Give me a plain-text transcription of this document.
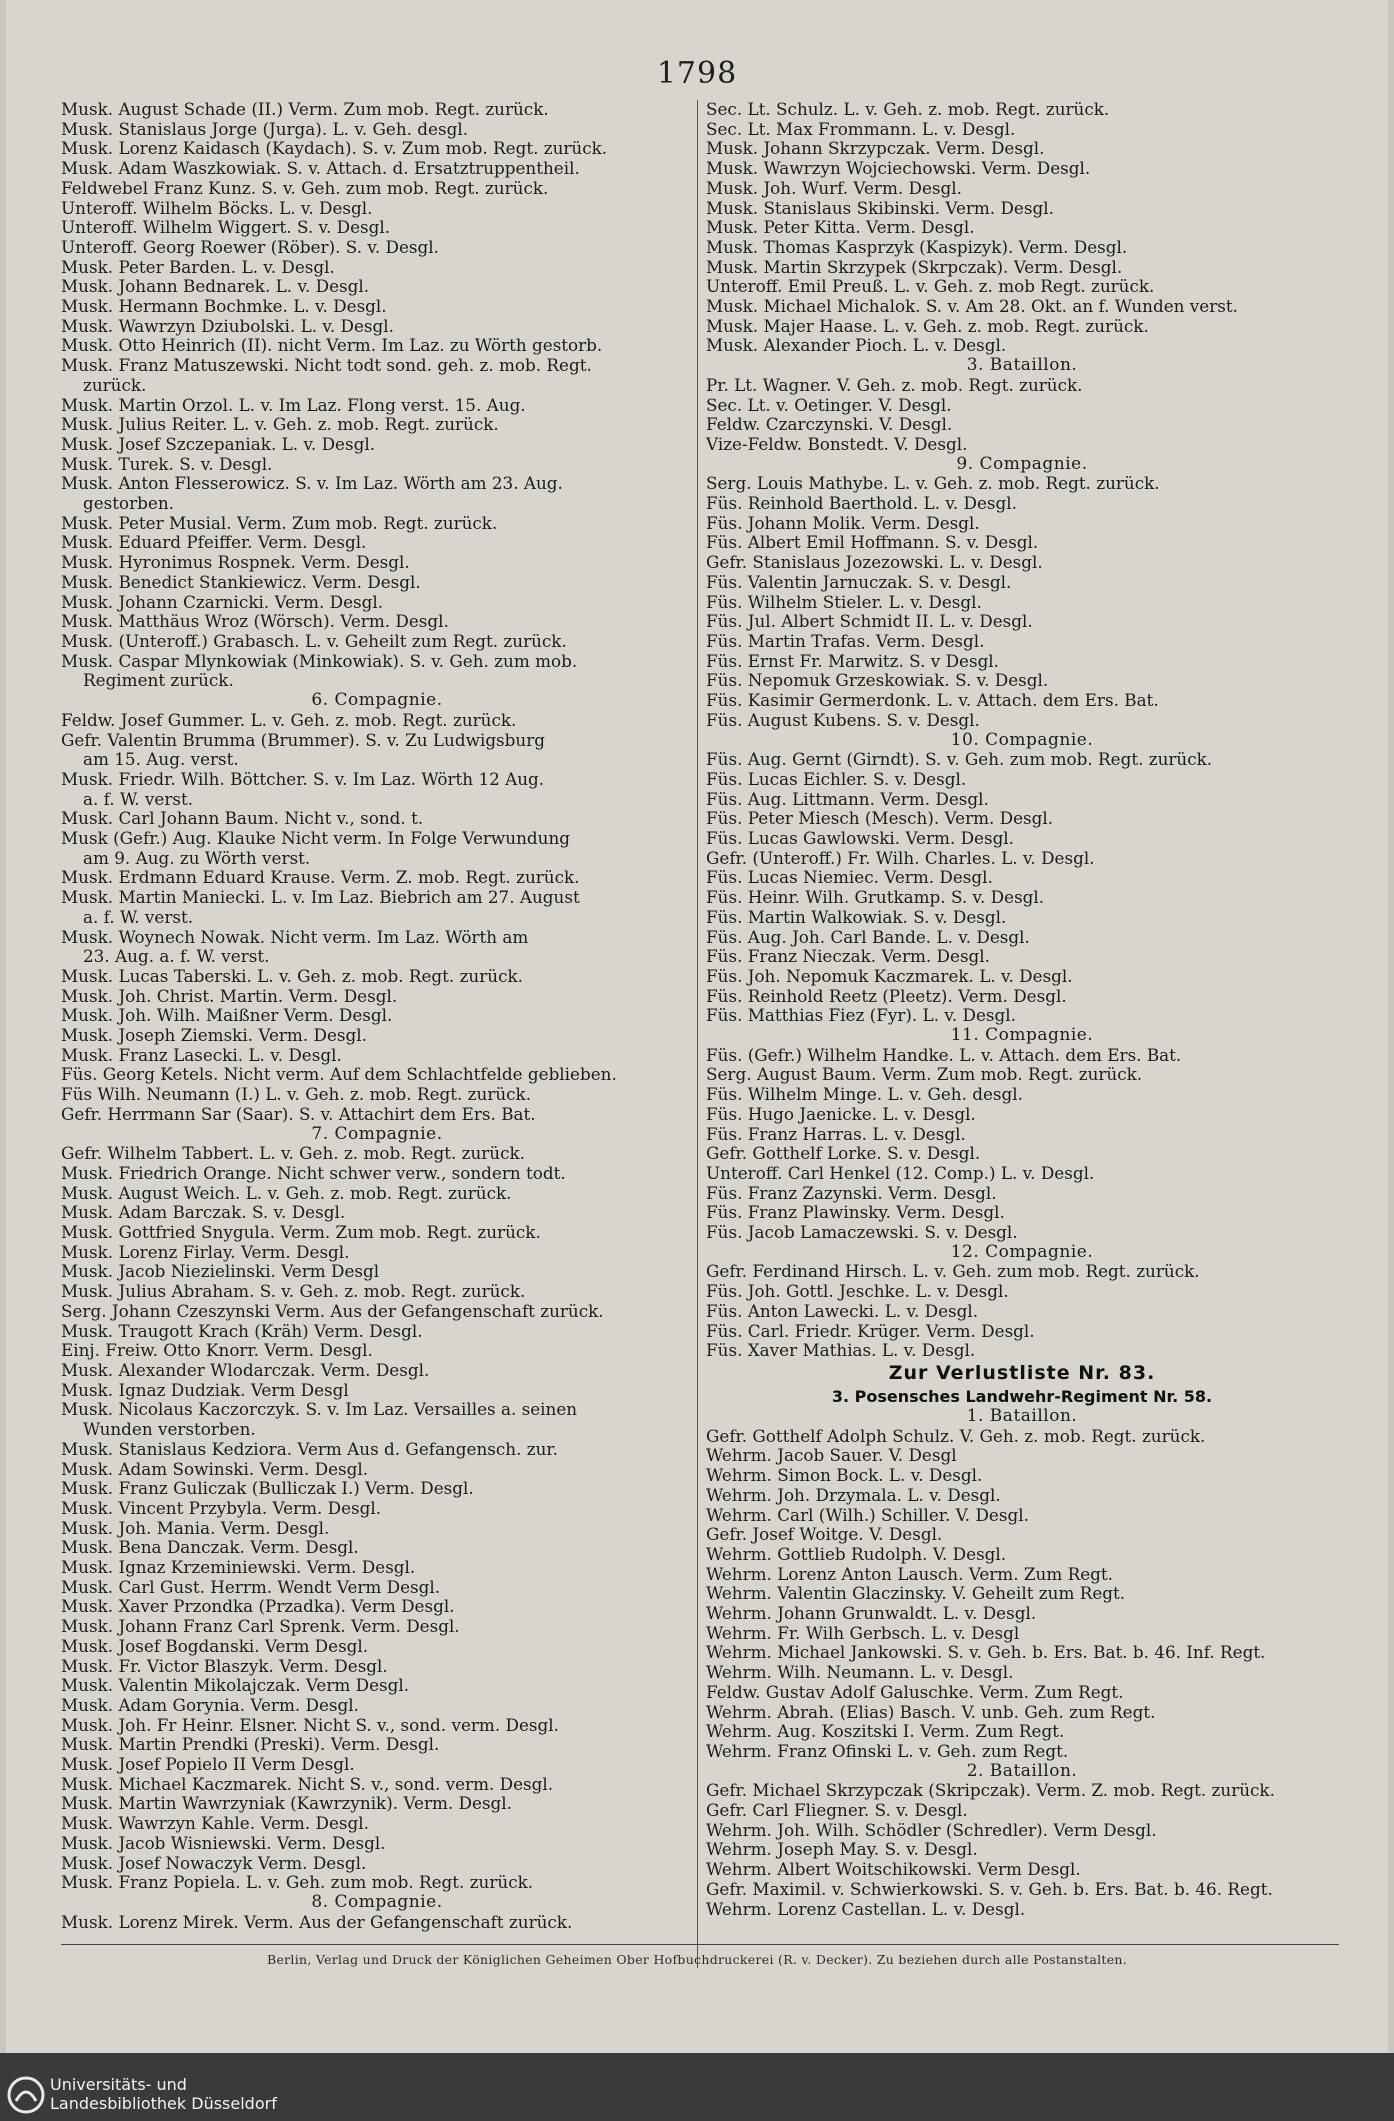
1798
Musk. August Schade (II.) Verm. Zum mob. Regt. zurück.
Musk. Stanislaus Jorge (Jurga). L. v. Geh. desgl.
Musk. Lorenz Kaidasch (Kaydach). S. v. Zum mob. Regt. zurück.
Musk. Adam Waszkowiak. S. v. Attach. d. Ersatztruppentheil.
Feldwebel Franz Kunz. S. v. Geh. zum mob. Regt. zurück.
Unteroff. Wilhelm Böcks. L. v. Desgl.
Unteroff. Wilhelm Wiggert. S. v. Desgl.
Unteroff. Georg Roewer (Röber). S. v. Desgl.
Musk. Peter Barden. L. v. Desgl.
Musk. Johann Bednarek. L. v. Desgl.
Musk. Hermann Bochmke. L. v. Desgl.
Musk. Wawrzyn Dziubolski. L. v. Desgl.
Musk. Otto Heinrich (II). nicht Verm. Im Laz. zu Wörth gestorb.
Musk. Franz Matuszewski. Nicht todt sond. geh. z. mob. Regt.
zurück.
Musk. Martin Orzol. L. v. Im Laz. Flong verst. 15. Aug.
Musk. Julius Reiter. L. v. Geh. z. mob. Regt. zurück.
Musk. Josef Szczepaniak. L. v. Desgl.
Musk. Turek. S. v. Desgl.
Musk. Anton Flesserowicz. S. v. Im Laz. Wörth am 23. Aug.
gestorben.
Musk. Peter Musial. Verm. Zum mob. Regt. zurück.
Musk. Eduard Pfeiffer. Verm. Desgl.
Musk. Hyronimus Rospnek. Verm. Desgl.
Musk. Benedict Stankiewicz. Verm. Desgl.
Musk. Johann Czarnicki. Verm. Desgl.
Musk. Matthäus Wroz (Wörsch). Verm. Desgl.
Musk. (Unteroff.) Grabasch. L. v. Geheilt zum Regt. zurück.
Musk. Caspar Mlynkowiak (Minkowiak). S. v. Geh. zum mob.
Regiment zurück.
6. Compagnie.
Feldw. Josef Gummer. L. v. Geh. z. mob. Regt. zurück.
Gefr. Valentin Brumma (Brummer). S. v. Zu Ludwigsburg
am 15. Aug. verst.
Musk. Friedr. Wilh. Böttcher. S. v. Im Laz. Wörth 12 Aug.
a. f. W. verst.
Musk. Carl Johann Baum. Nicht v., sond. t.
Musk (Gefr.) Aug. Klauke Nicht verm. In Folge Verwundung
am 9. Aug. zu Wörth verst.
Musk. Erdmann Eduard Krause. Verm. Z. mob. Regt. zurück.
Musk. Martin Maniecki. L. v. Im Laz. Biebrich am 27. August
a. f. W. verst.
Musk. Woynech Nowak. Nicht verm. Im Laz. Wörth am
23. Aug. a. f. W. verst.
Musk. Lucas Taberski. L. v. Geh. z. mob. Regt. zurück.
Musk. Joh. Christ. Martin. Verm. Desgl.
Musk. Joh. Wilh. Maißner Verm. Desgl.
Musk. Joseph Ziemski. Verm. Desgl.
Musk. Franz Lasecki. L. v. Desgl.
Füs. Georg Ketels. Nicht verm. Auf dem Schlachtfelde geblieben.
Füs Wilh. Neumann (I.) L. v. Geh. z. mob. Regt. zurück.
Gefr. Herrmann Sar (Saar). S. v. Attachirt dem Ers. Bat.
7. Compagnie.
Gefr. Wilhelm Tabbert. L. v. Geh. z. mob. Regt. zurück.
Musk. Friedrich Orange. Nicht schwer verw., sondern todt.
Musk. August Weich. L. v. Geh. z. mob. Regt. zurück.
Musk. Adam Barczak. S. v. Desgl.
Musk. Gottfried Snygula. Verm. Zum mob. Regt. zurück.
Musk. Lorenz Firlay. Verm. Desgl.
Musk. Jacob Niezielinski. Verm Desgl
Musk. Julius Abraham. S. v. Geh. z. mob. Regt. zurück.
Serg. Johann Czeszynski Verm. Aus der Gefangenschaft zurück.
Musk. Traugott Krach (Kräh) Verm. Desgl.
Einj. Freiw. Otto Knorr. Verm. Desgl.
Musk. Alexander Wlodarczak. Verm. Desgl.
Musk. Ignaz Dudziak. Verm Desgl
Musk. Nicolaus Kaczorczyk. S. v. Im Laz. Versailles a. seinen
Wunden verstorben.
Musk. Stanislaus Kedziora. Verm Aus d. Gefangensch. zur.
Musk. Adam Sowinski. Verm. Desgl.
Musk. Franz Guliczak (Bulliczak I.) Verm. Desgl.
Musk. Vincent Przybyla. Verm. Desgl.
Musk. Joh. Mania. Verm. Desgl.
Musk. Bena Danczak. Verm. Desgl.
Musk. Ignaz Krzeminiewski. Verm. Desgl.
Musk. Carl Gust. Herrm. Wendt Verm Desgl.
Musk. Xaver Przondka (Przadka). Verm Desgl.
Musk. Johann Franz Carl Sprenk. Verm. Desgl.
Musk. Josef Bogdanski. Verm Desgl.
Musk. Fr. Victor Blaszyk. Verm. Desgl.
Musk. Valentin Mikolajczak. Verm Desgl.
Musk. Adam Gorynia. Verm. Desgl.
Musk. Joh. Fr Heinr. Elsner. Nicht S. v., sond. verm. Desgl.
Musk. Martin Prendki (Preski). Verm. Desgl.
Musk. Josef Popielo II Verm Desgl.
Musk. Michael Kaczmarek. Nicht S. v., sond. verm. Desgl.
Musk. Martin Wawrzyniak (Kawrzynik). Verm. Desgl.
Musk. Wawrzyn Kahle. Verm. Desgl.
Musk. Jacob Wisniewski. Verm. Desgl.
Musk. Josef Nowaczyk Verm. Desgl.
Musk. Franz Popiela. L. v. Geh. zum mob. Regt. zurück.
8. Compagnie.
Musk. Lorenz Mirek. Verm. Aus der Gefangenschaft zurück.
Sec. Lt. Schulz. L. v. Geh. z. mob. Regt. zurück.
Sec. Lt. Max Frommann. L. v. Desgl.
Musk. Johann Skrzypczak. Verm. Desgl.
Musk. Wawrzyn Wojciechowski. Verm. Desgl.
Musk. Joh. Wurf. Verm. Desgl.
Musk. Stanislaus Skibinski. Verm. Desgl.
Musk. Peter Kitta. Verm. Desgl.
Musk. Thomas Kasprzyk (Kaspizyk). Verm. Desgl.
Musk. Martin Skrzypek (Skrpczak). Verm. Desgl.
Unteroff. Emil Preuß. L. v. Geh. z. mob Regt. zurück.
Musk. Michael Michalok. S. v. Am 28. Okt. an f. Wunden verst.
Musk. Majer Haase. L. v. Geh. z. mob. Regt. zurück.
Musk. Alexander Pioch. L. v. Desgl.
3. Bataillon.
Pr. Lt. Wagner. V. Geh. z. mob. Regt. zurück.
Sec. Lt. v. Oetinger. V. Desgl.
Feldw. Czarczynski. V. Desgl.
Vize-Feldw. Bonstedt. V. Desgl.
9. Compagnie.
Serg. Louis Mathybe. L. v. Geh. z. mob. Regt. zurück.
Füs. Reinhold Baerthold. L. v. Desgl.
Füs. Johann Molik. Verm. Desgl.
Füs. Albert Emil Hoffmann. S. v. Desgl.
Gefr. Stanislaus Jozezowski. L. v. Desgl.
Füs. Valentin Jarnuczak. S. v. Desgl.
Füs. Wilhelm Stieler. L. v. Desgl.
Füs. Jul. Albert Schmidt II. L. v. Desgl.
Füs. Martin Trafas. Verm. Desgl.
Füs. Ernst Fr. Marwitz. S. v Desgl.
Füs. Nepomuk Grzeskowiak. S. v. Desgl.
Füs. Kasimir Germerdonk. L. v. Attach. dem Ers. Bat.
Füs. August Kubens. S. v. Desgl.
10. Compagnie.
Füs. Aug. Gernt (Girndt). S. v. Geh. zum mob. Regt. zurück.
Füs. Lucas Eichler. S. v. Desgl.
Füs. Aug. Littmann. Verm. Desgl.
Füs. Peter Miesch (Mesch). Verm. Desgl.
Füs. Lucas Gawlowski. Verm. Desgl.
Gefr. (Unteroff.) Fr. Wilh. Charles. L. v. Desgl.
Füs. Lucas Niemiec. Verm. Desgl.
Füs. Heinr. Wilh. Grutkamp. S. v. Desgl.
Füs. Martin Walkowiak. S. v. Desgl.
Füs. Aug. Joh. Carl Bande. L. v. Desgl.
Füs. Franz Nieczak. Verm. Desgl.
Füs. Joh. Nepomuk Kaczmarek. L. v. Desgl.
Füs. Reinhold Reetz (Pleetz). Verm. Desgl.
Füs. Matthias Fiez (Fyr). L. v. Desgl.
11. Compagnie.
Füs. (Gefr.) Wilhelm Handke. L. v. Attach. dem Ers. Bat.
Serg. August Baum. Verm. Zum mob. Regt. zurück.
Füs. Wilhelm Minge. L. v. Geh. desgl.
Füs. Hugo Jaenicke. L. v. Desgl.
Füs. Franz Harras. L. v. Desgl.
Gefr. Gotthelf Lorke. S. v. Desgl.
Unteroff. Carl Henkel (12. Comp.) L. v. Desgl.
Füs. Franz Zazynski. Verm. Desgl.
Füs. Franz Plawinsky. Verm. Desgl.
Füs. Jacob Lamaczewski. S. v. Desgl.
12. Compagnie.
Gefr. Ferdinand Hirsch. L. v. Geh. zum mob. Regt. zurück.
Füs. Joh. Gottl. Jeschke. L. v. Desgl.
Füs. Anton Lawecki. L. v. Desgl.
Füs. Carl. Friedr. Krüger. Verm. Desgl.
Füs. Xaver Mathias. L. v. Desgl.
Zur Verlustliste Nr. 83.
3. Posensches Landwehr-Regiment Nr. 58.
1. Bataillon.
Gefr. Gotthelf Adolph Schulz. V. Geh. z. mob. Regt. zurück.
Wehrm. Jacob Sauer. V. Desgl
Wehrm. Simon Bock. L. v. Desgl.
Wehrm. Joh. Drzymala. L. v. Desgl.
Wehrm. Carl (Wilh.) Schiller. V. Desgl.
Gefr. Josef Woitge. V. Desgl.
Wehrm. Gottlieb Rudolph. V. Desgl.
Wehrm. Lorenz Anton Lausch. Verm. Zum Regt.
Wehrm. Valentin Glaczinsky. V. Geheilt zum Regt.
Wehrm. Johann Grunwaldt. L. v. Desgl.
Wehrm. Fr. Wilh Gerbsch. L. v. Desgl
Wehrm. Michael Jankowski. S. v. Geh. b. Ers. Bat. b. 46. Inf. Regt.
Wehrm. Wilh. Neumann. L. v. Desgl.
Feldw. Gustav Adolf Galuschke. Verm. Zum Regt.
Wehrm. Abrah. (Elias) Basch. V. unb. Geh. zum Regt.
Wehrm. Aug. Koszitski I. Verm. Zum Regt.
Wehrm. Franz Ofinski L. v. Geh. zum Regt.
2. Bataillon.
Gefr. Michael Skrzypczak (Skripczak). Verm. Z. mob. Regt. zurück.
Gefr. Carl Fliegner. S. v. Desgl.
Wehrm. Joh. Wilh. Schödler (Schredler). Verm Desgl.
Wehrm. Joseph May. S. v. Desgl.
Wehrm. Albert Woitschikowski. Verm Desgl.
Gefr. Maximil. v. Schwierkowski. S. v. Geh. b. Ers. Bat. b. 46. Regt.
Wehrm. Lorenz Castellan. L. v. Desgl.
Berlin, Verlag und Druck der Königlichen Geheimen Ober Hofbuchdruckerei (R. v. Decker). Zu beziehen durch alle Postanstalten.
Universitäts- und
Landesbibliothek Düsseldorf
